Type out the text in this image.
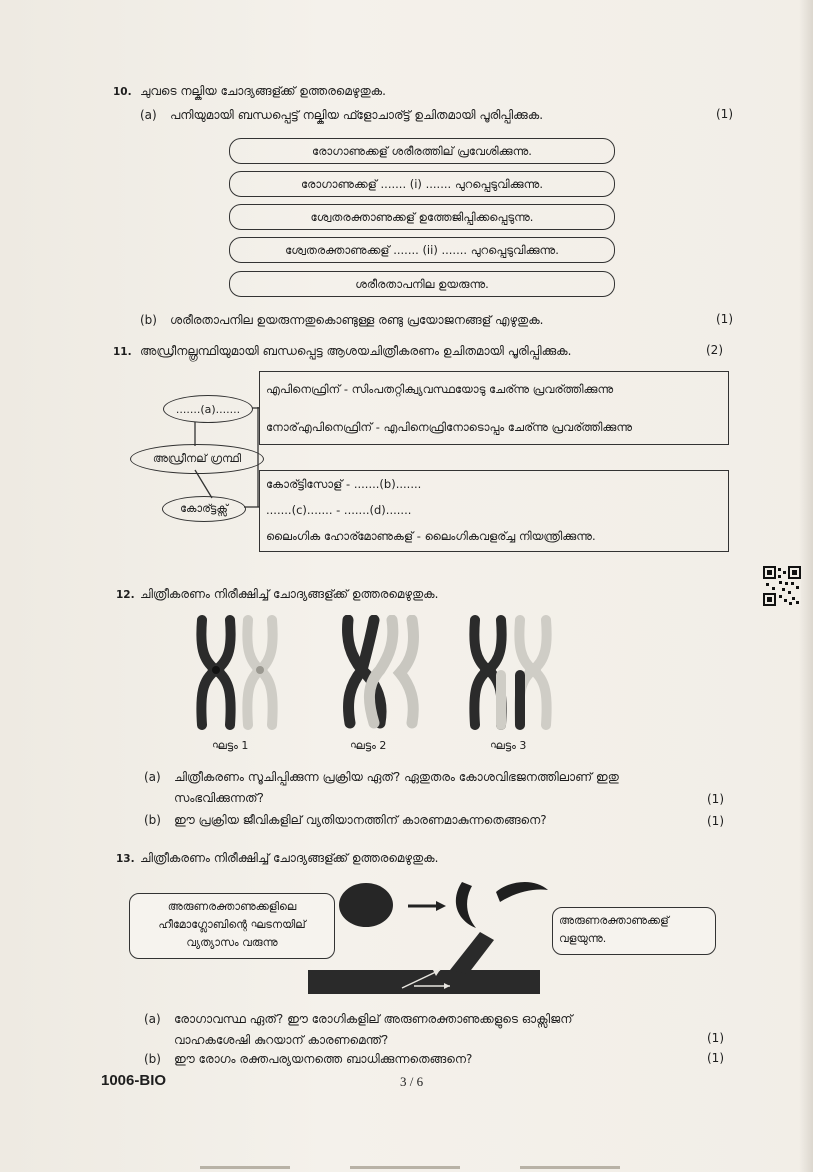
10. ചുവടെ നല്കിയ ചോദ്യങ്ങള്ക്ക് ഉത്തരമെഴുതുക.
(a) പനിയുമായി ബന്ധപ്പെട്ട് നല്കിയ ഫ്ളോചാര്ട്ട് ഉചിതമായി പൂരിപ്പിക്കുക.	(1)
രോഗാണുക്കള് ശരീരത്തില് പ്രവേശിക്കുന്നു.
രോഗാണുക്കള് ....... (i) ....... പുറപ്പെടുവിക്കുന്നു.
ശ്വേതരക്താണുക്കള് ഉത്തേജിപ്പിക്കപ്പെടുന്നു.
ശ്വേതരക്താണുക്കള് ....... (ii) ....... പുറപ്പെടുവിക്കുന്നു.
ശരീരതാപനില ഉയരുന്നു.
(b) ശരീരതാപനില ഉയരുന്നതുകൊണ്ടുള്ള രണ്ടു പ്രയോജനങ്ങള് എഴുതുക.	(1)
11. അഡ്രീനല്ഗ്രന്ഥിയുമായി ബന്ധപ്പെട്ട ആശയചിത്രീകരണം ഉചിതമായി പൂരിപ്പിക്കുക.	(2)
എപിനെഫ്രിന് - സിംപതറ്റിക്വ്യവസ്ഥയോടു ചേര്ന്നു പ്രവര്ത്തിക്കുന്നു
നോര്എപിനെഫ്രിന് - എപിനെഫ്രിനോടൊപ്പം ചേര്ന്നു പ്രവര്ത്തിക്കുന്നു
കോര്ട്ടിസോള് - .......(b).......
.......(c)....... - .......(d).......
ലൈംഗിക ഹോര്മോണുകള് - ലൈംഗികവളര്ച്ച നിയന്ത്രിക്കുന്നു.
.......(a).......
അഡ്രീനല് ഗ്രന്ഥി
കോര്ട്ടക്സ്
12. ചിത്രീകരണം നിരീക്ഷിച്ച് ചോദ്യങ്ങള്ക്ക് ഉത്തരമെഴുതുക.
ഘട്ടം 1	ഘട്ടം 2	ഘട്ടം 3
(a) ചിത്രീകരണം സൂചിപ്പിക്കുന്ന പ്രക്രിയ ഏത്? ഏതുതരം കോശവിഭജനത്തിലാണ് ഇതു
സംഭവിക്കുന്നത്?	(1)
(b) ഈ പ്രക്രിയ ജീവികളില് വ്യതിയാനത്തിന് കാരണമാകുന്നതെങ്ങനെ?	(1)
13. ചിത്രീകരണം നിരീക്ഷിച്ച് ചോദ്യങ്ങള്ക്ക് ഉത്തരമെഴുതുക.
അരുണരക്താണുക്കളിലെ
ഹീമോഗ്ലോബിന്റെ ഘടനയില്
വ്യത്യാസം വരുന്നു
അരുണരക്താണുക്കള്
വളയുന്നു.
(a) രോഗാവസ്ഥ ഏത്? ഈ രോഗികളില് അരുണരക്താണുക്കളുടെ ഓക്സിജന്
വാഹകശേഷി കുറയാന് കാരണമെന്ത്?	(1)
(b) ഈ രോഗം രക്തപര്യയനത്തെ ബാധിക്കുന്നതെങ്ങനെ?	(1)
1006-BIO	3 / 6
